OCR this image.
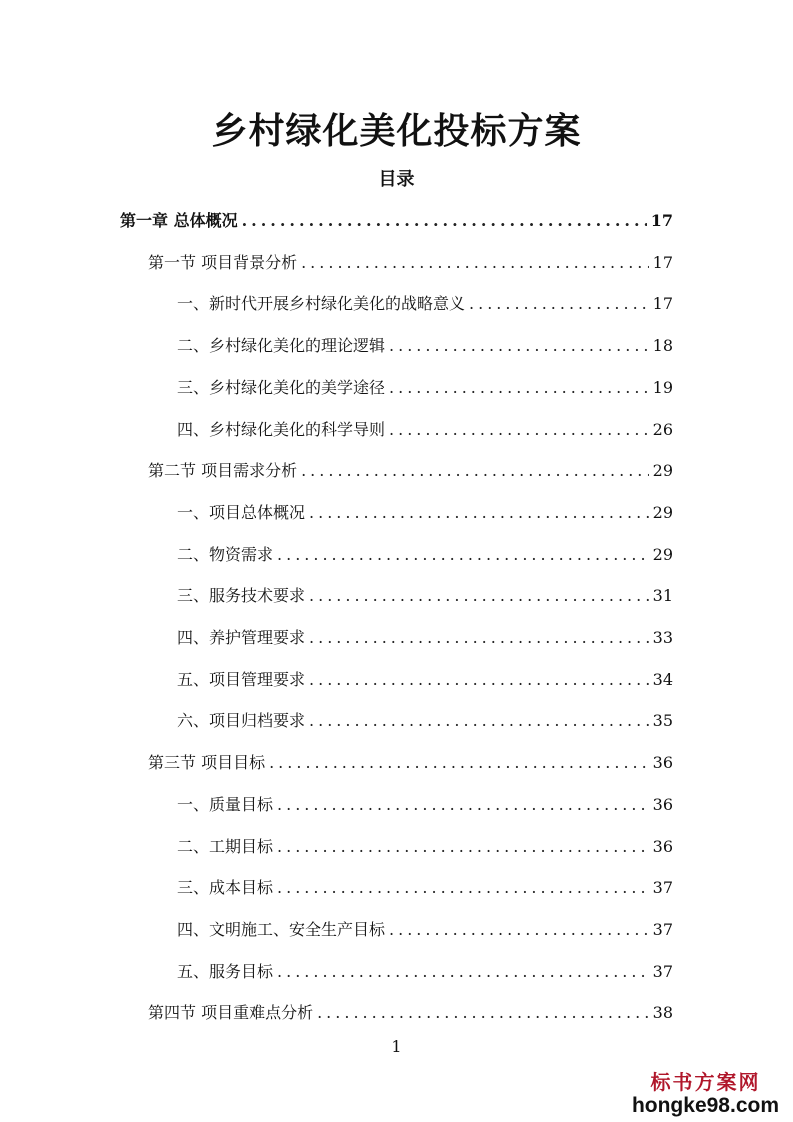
乡村绿化美化投标方案
目录
第一章 总体概况 .....	17
第一节 项目背景分析 .....	17
一、新时代开展乡村绿化美化的战略意义 .....	17
二、乡村绿化美化的理论逻辑 .....	18
三、乡村绿化美化的美学途径 .....	19
四、乡村绿化美化的科学导则 .....	26
第二节 项目需求分析 .....	29
一、项目总体概况 .....	29
二、物资需求 .....	29
三、服务技术要求 .....	31
四、养护管理要求 .....	33
五、项目管理要求 .....	34
六、项目归档要求 .....	35
第三节 项目目标 .....	36
一、质量目标 .....	36
二、工期目标 .....	36
三、成本目标 .....	37
四、文明施工、安全生产目标 .....	37
五、服务目标 .....	37
第四节 项目重难点分析 .....	38
1
标书方案网
hongke98.com
